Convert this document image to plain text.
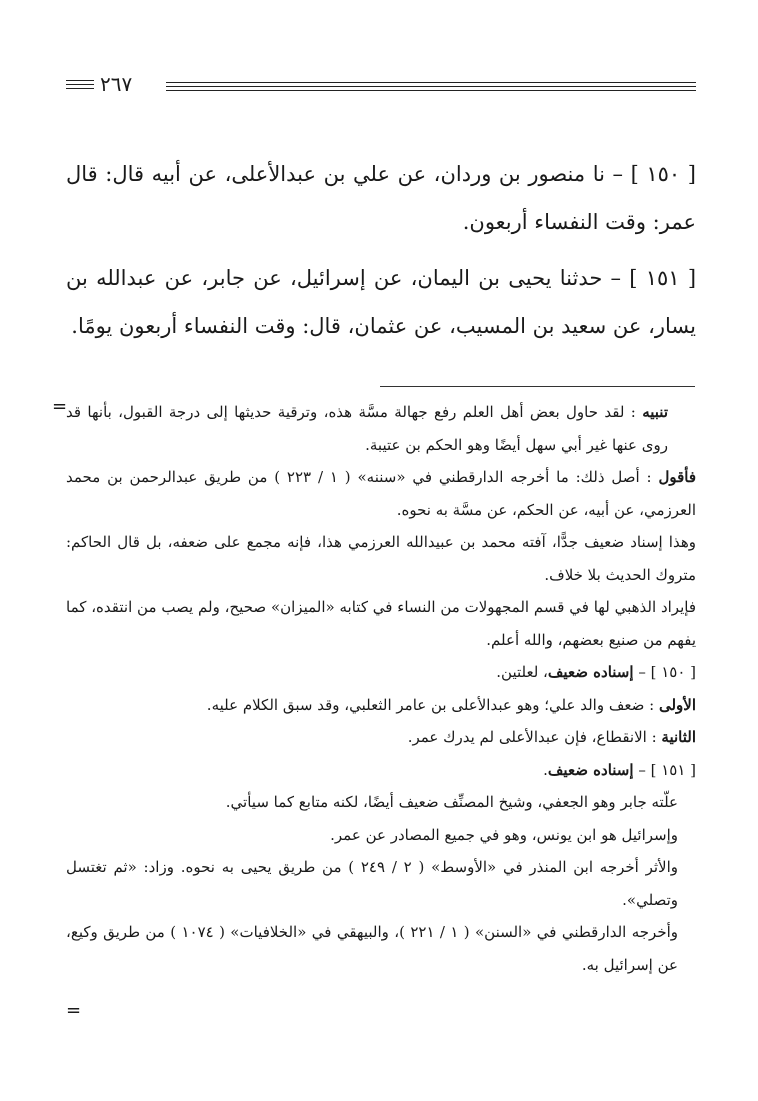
٢٦٧

[ ١٥٠ ] – نا منصور بن وردان، عن علي بن عبدالأعلى، عن أبيه قال: قال عمر: وقت النفساء أربعون.

[ ١٥١ ] – حدثنا يحيى بن اليمان، عن إسرائيل، عن جابر، عن عبدالله بن يسار، عن سعيد بن المسيب، عن عثمان، قال: وقت النفساء أربعون يومًا.

=
=

تنبيه : لقد حاول بعض أهل العلم رفع جهالة مسَّة هذه، وترقية حديثها إلى درجة القبول، بأنها قد روى عنها غير أبي سهل أيضًا وهو الحكم بن عتيبة.

فأقول : أصل ذلك: ما أخرجه الدارقطني في «سننه» ( ١ / ٢٢٣ ) من طريق عبدالرحمن بن محمد العرزمي، عن أبيه، عن الحكم، عن مسَّة به نحوه.

وهذا إسناد ضعيف جدًّا، آفته محمد بن عبيدالله العرزمي هذا، فإنه مجمع على ضعفه، بل قال الحاكم: متروك الحديث بلا خلاف.

فإيراد الذهبي لها في قسم المجهولات من النساء في كتابه «الميزان» صحيح، ولم يصب من انتقده، كما يفهم من صنيع بعضهم، والله أعلم.

[ ١٥٠ ] – إسناده ضعيف، لعلتين.

الأولى : ضعف والد علي؛ وهو عبدالأعلى بن عامر الثعلبي، وقد سبق الكلام عليه.

الثانية : الانقطاع، فإن عبدالأعلى لم يدرك عمر.

[ ١٥١ ] – إسناده ضعيف.

علّته جابر وهو الجعفي، وشيخ المصنِّف ضعيف أيضًا، لكنه متابع كما سيأتي.

وإسرائيل هو ابن يونس، وهو في جميع المصادر عن عمر.

والأثر أخرجه ابن المنذر في «الأوسط» ( ٢ / ٢٤٩ ) من طريق يحيى به نحوه. وزاد: «ثم تغتسل وتصلي».

وأخرجه الدارقطني في «السنن» ( ١ / ٢٢١ )، والبيهقي في «الخلافيات» ( ١٠٧٤ ) من طريق وكيع، عن إسرائيل به.
